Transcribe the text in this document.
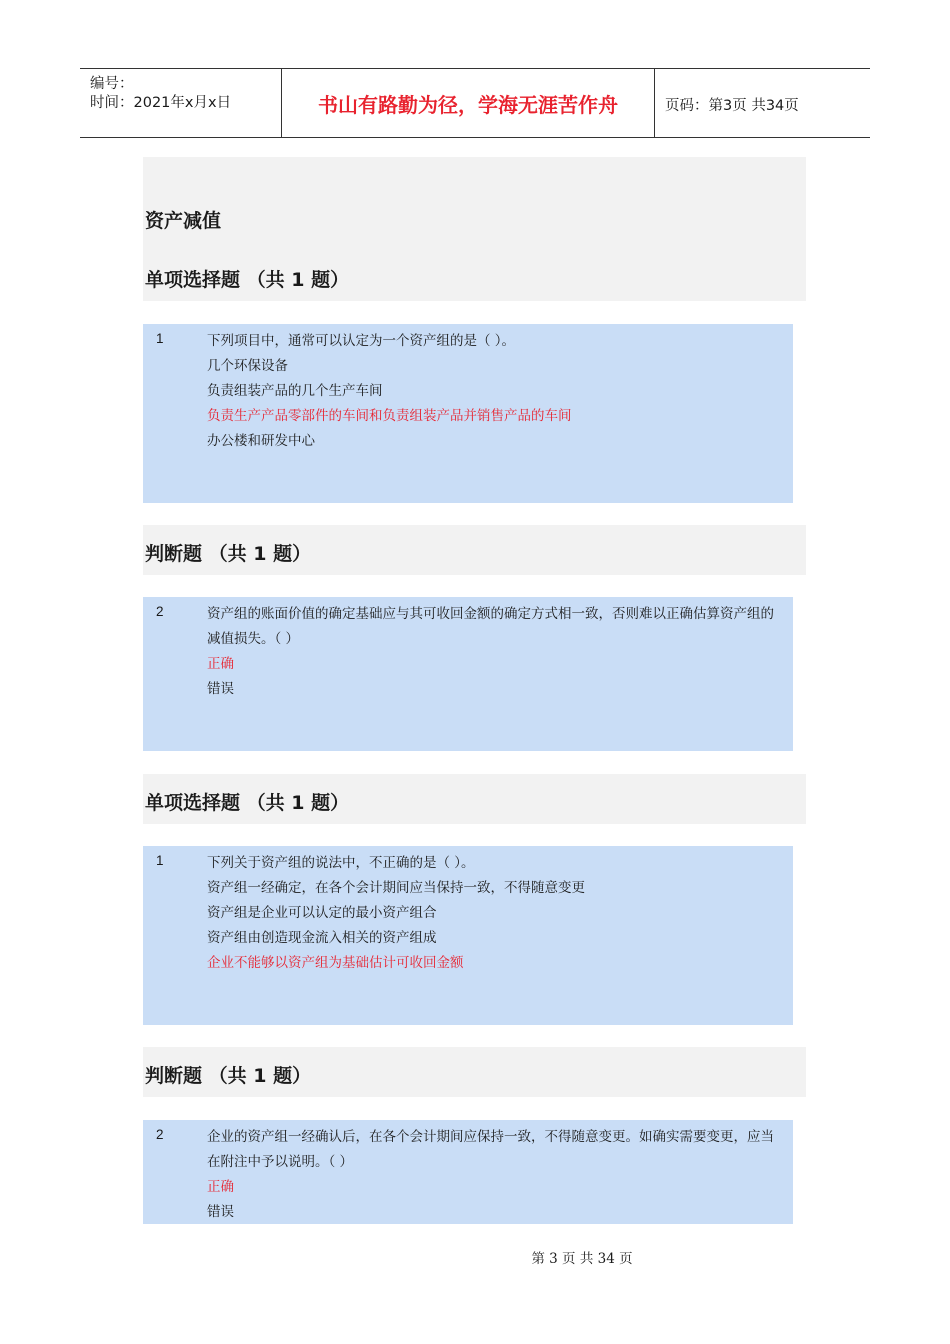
编号：
时间：2021年x月x日	书山有路勤为径，学海无涯苦作舟	页码：第3页 共34页
资产减值
单项选择题 （共 1 题）
1	下列项目中，通常可以认定为一个资产组的是（ ）。
几个环保设备
负责组装产品的几个生产车间
负责生产产品零部件的车间和负责组装产品并销售产品的车间
办公楼和研发中心
判断题 （共 1 题）
2	资产组的账面价值的确定基础应与其可收回金额的确定方式相一致，否则难以正确估算资产组的减值损失。（ ）
正确
错误
单项选择题 （共 1 题）
1	下列关于资产组的说法中，不正确的是（ ）。
资产组一经确定，在各个会计期间应当保持一致，不得随意变更
资产组是企业可以认定的最小资产组合
资产组由创造现金流入相关的资产组成
企业不能够以资产组为基础估计可收回金额
判断题 （共 1 题）
2	企业的资产组一经确认后，在各个会计期间应保持一致，不得随意变更。如确实需要变更，应当在附注中予以说明。（ ）
正确
错误
第 3 页 共 34 页
